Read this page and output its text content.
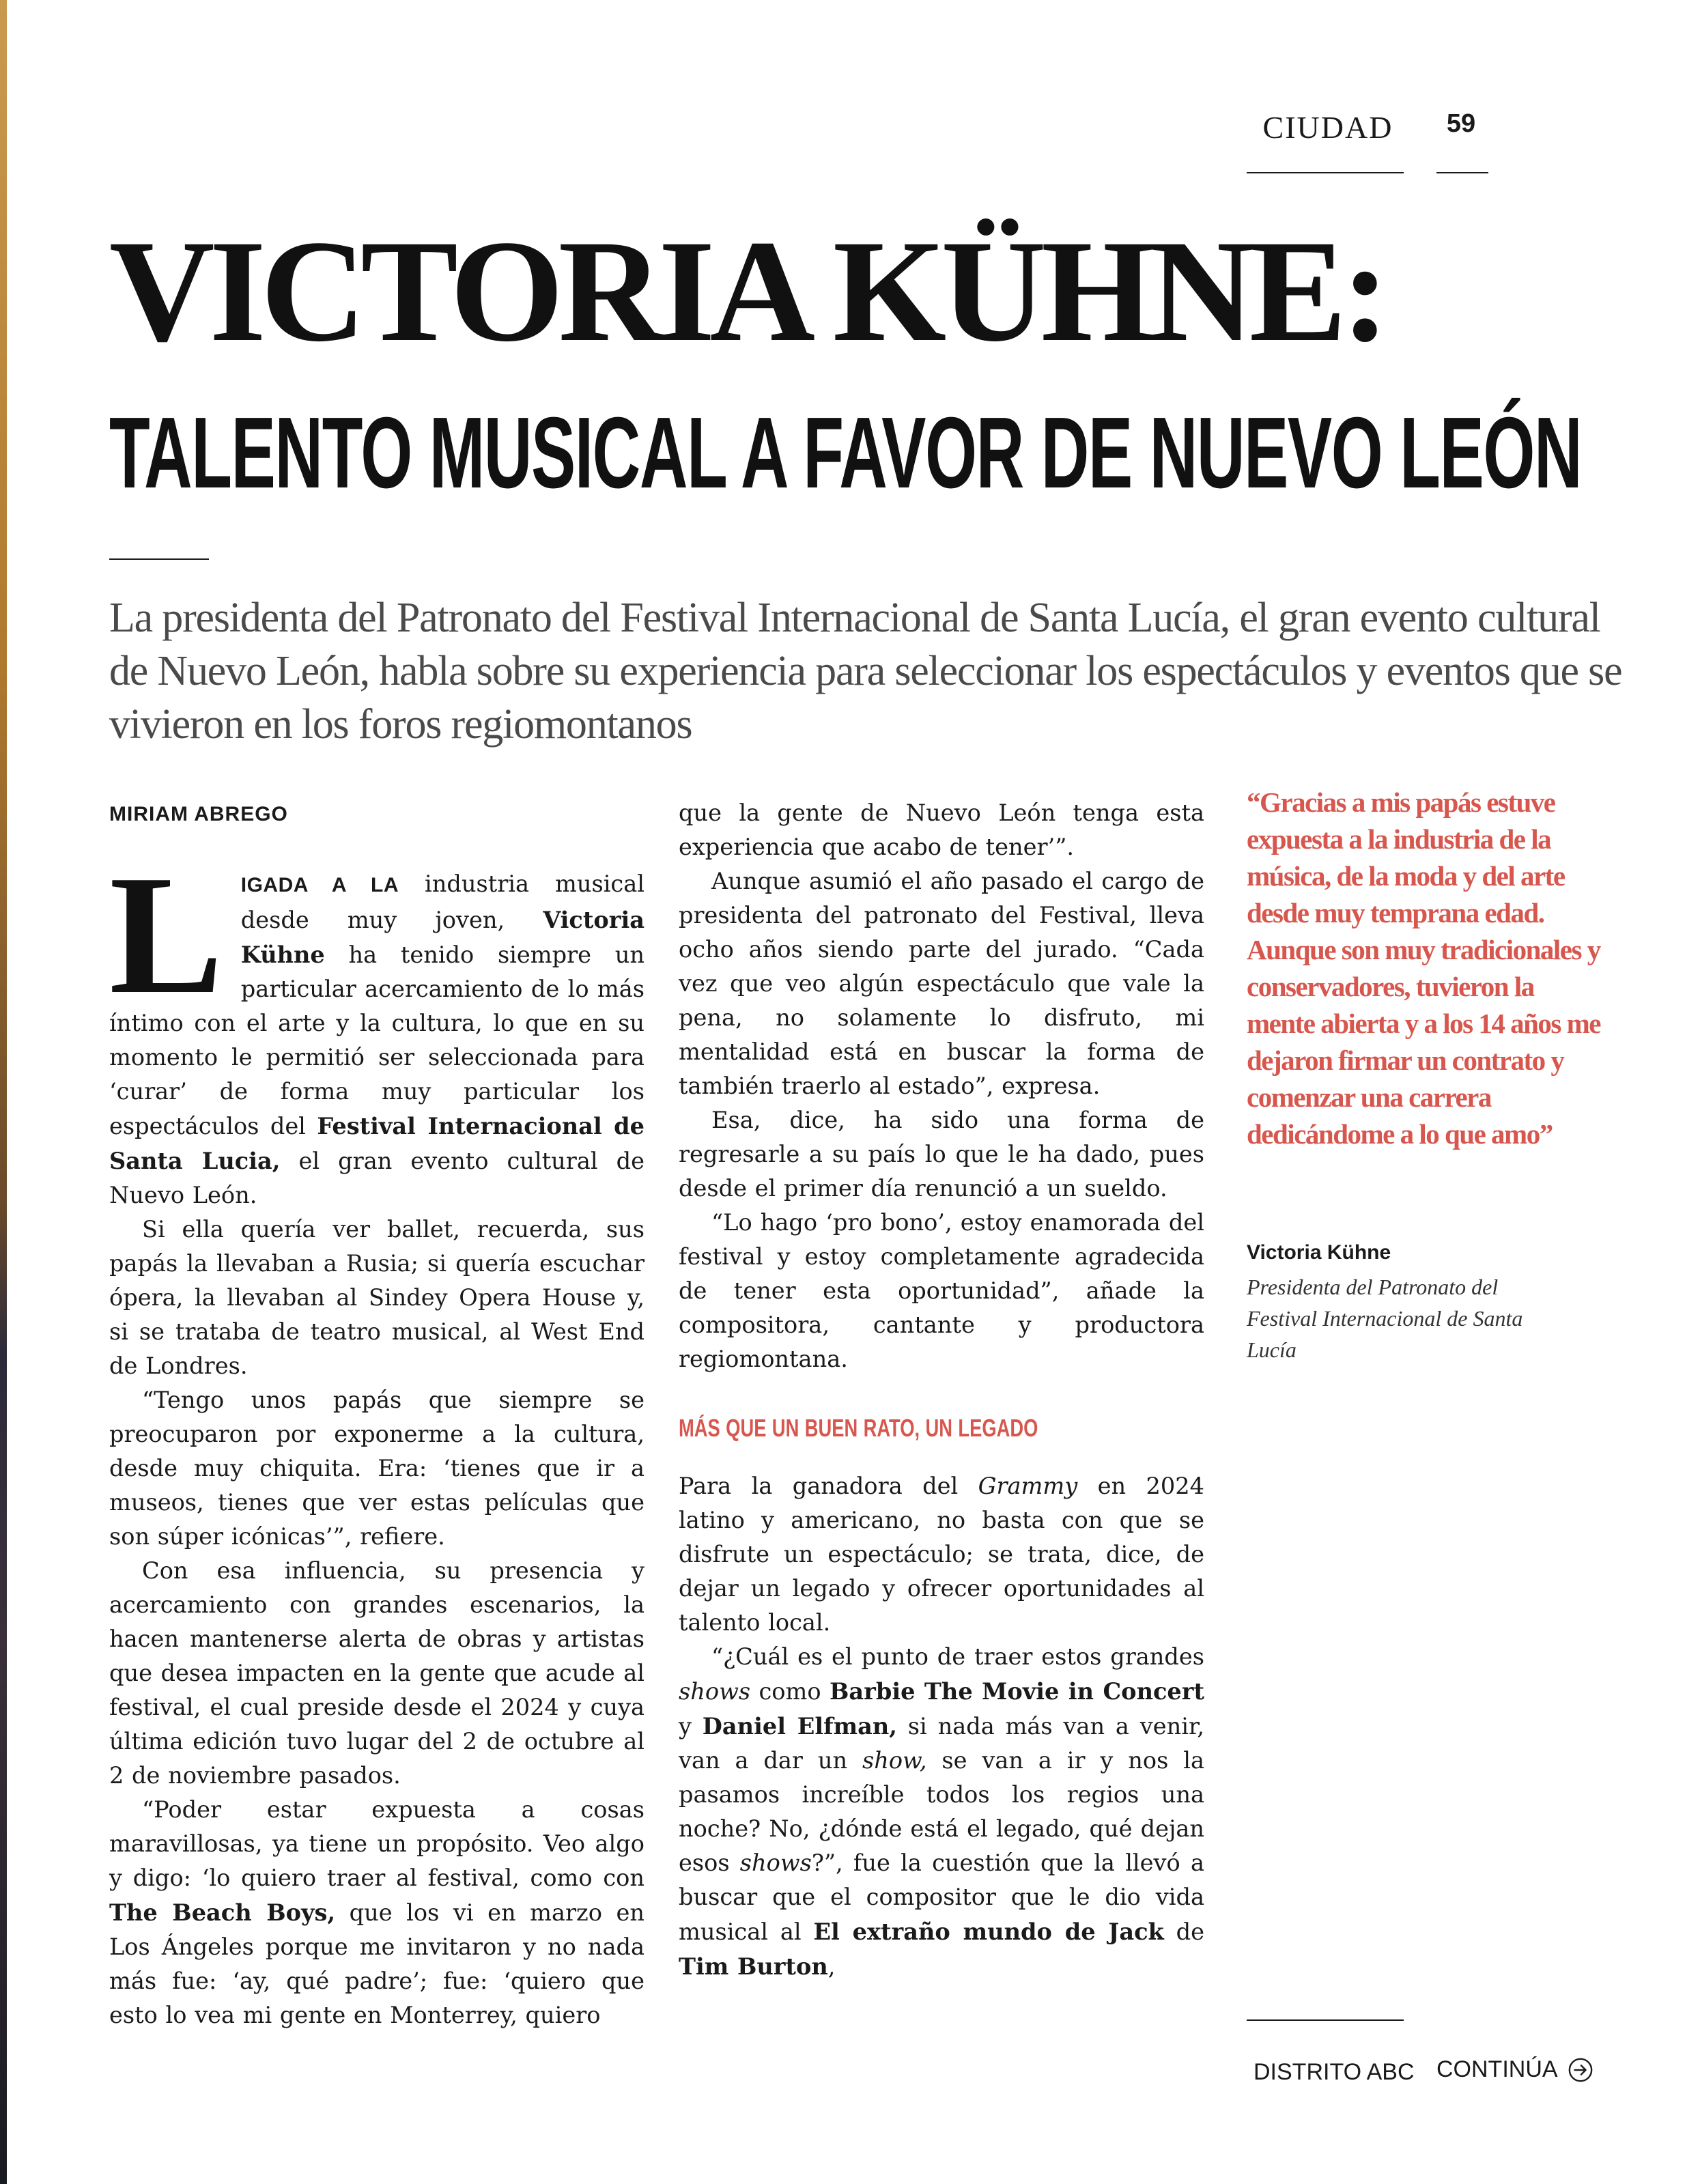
CIUDAD	59
VICTORIA KÜHNE:
TALENTO MUSICAL A FAVOR DE NUEVO LEÓN

La presidenta del Patronato del Festival Internacional de Santa Lucía, el gran evento cultural de Nuevo León, habla sobre su experiencia para seleccionar los espectáculos y eventos que se vivieron en los foros regiomontanos

MIRIAM ABREGO

LIGADA A LA industria musical desde muy joven, Victoria Kühne ha tenido siempre un particular acercamiento de lo más íntimo con el arte y la cultura, lo que en su momento le permitió ser seleccionada para ‘curar’ de forma muy particular los espectáculos del Festival Internacional de Santa Lucia, el gran evento cultural de Nuevo León.

Si ella quería ver ballet, recuerda, sus papás la llevaban a Rusia; si quería escuchar ópera, la llevaban al Sindey Opera House y, si se trataba de teatro musical, al West End de Londres.

“Tengo unos papás que siempre se preocuparon por exponerme a la cultura, desde muy chiquita. Era: ‘tienes que ir a museos, tienes que ver estas películas que son súper icónicas’”, refiere.

Con esa influencia, su presencia y acercamiento con grandes escenarios, la hacen mantenerse alerta de obras y artistas que desea impacten en la gente que acude al festival, el cual preside desde el 2024 y cuya última edición tuvo lugar del 2 de octubre al 2 de noviembre pasados.

“Poder estar expuesta a cosas maravillosas, ya tiene un propósito. Veo algo y digo: ‘lo quiero traer al festival, como con The Beach Boys, que los vi en marzo en Los Ángeles porque me invitaron y no nada más fue: ‘ay, qué padre’; fue: ‘quiero que esto lo vea mi gente en Monterrey, quiero

que la gente de Nuevo León tenga esta experiencia que acabo de tener’”.

Aunque asumió el año pasado el cargo de presidenta del patronato del Festival, lleva ocho años siendo parte del jurado. “Cada vez que veo algún espectáculo que vale la pena, no solamente lo disfruto, mi mentalidad está en buscar la forma de también traerlo al estado”, expresa.

Esa, dice, ha sido una forma de regresarle a su país lo que le ha dado, pues desde el primer día renunció a un sueldo.

“Lo hago ‘pro bono’, estoy enamorada del festival y estoy completamente agradecida de tener esta oportunidad”, añade la compositora, cantante y productora regiomontana.

MÁS QUE UN BUEN RATO, UN LEGADO

Para la ganadora del Grammy en 2024 latino y americano, no basta con que se disfrute un espectáculo; se trata, dice, de dejar un legado y ofrecer oportunidades al talento local.

“¿Cuál es el punto de traer estos grandes shows como Barbie The Movie in Concert y Daniel Elfman, si nada más van a venir, van a dar un show, se van a ir y nos la pasamos increíble todos los regios una noche? No, ¿dónde está el legado, qué dejan esos shows?”, fue la cuestión que la llevó a buscar que el compositor que le dio vida musical al El extraño mundo de Jack de Tim Burton,

“Gracias a mis papás estuve expuesta a la industria de la música, de la moda y del arte desde muy temprana edad. Aunque son muy tradicionales y conservadores, tuvieron la mente abierta y a los 14 años me dejaron firmar un contrato y comenzar una carrera dedicándome a lo que amo”
Victoria Kühne
Presidenta del Patronato del Festival Internacional de Santa Lucía
DISTRITO ABC CONTINÚA
